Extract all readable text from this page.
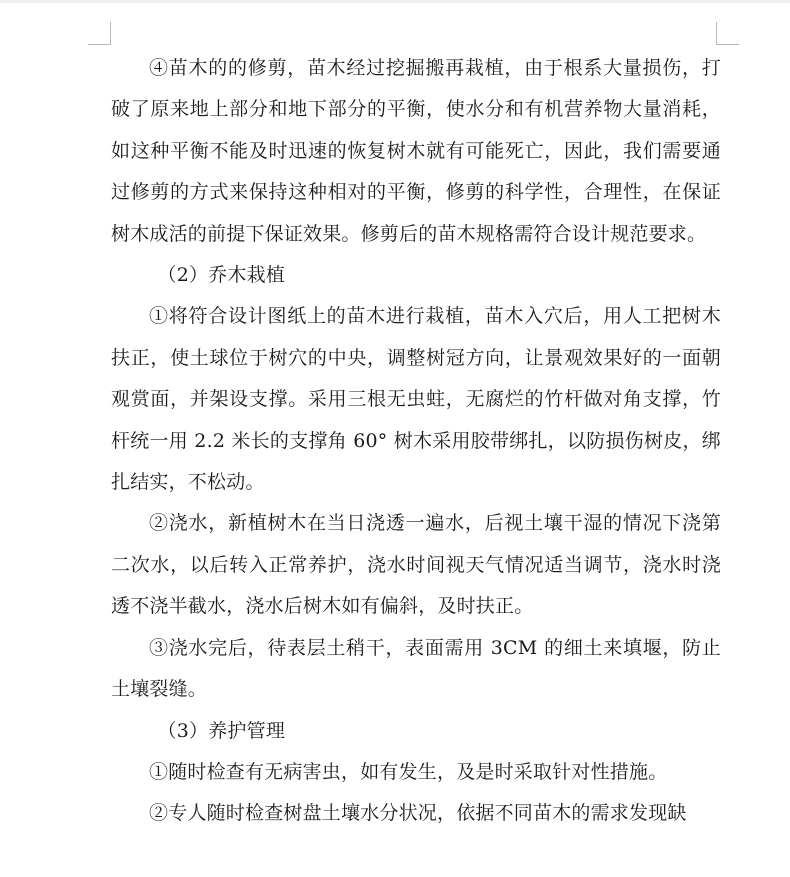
④苗木的的修剪，苗木经过挖掘搬再栽植，由于根系大量损伤，打破了原来地上部分和地下部分的平衡，使水分和有机营养物大量消耗，如这种平衡不能及时迅速的恢复树木就有可能死亡，因此，我们需要通过修剪的方式来保持这种相对的平衡，修剪的科学性，合理性，在保证树木成活的前提下保证效果。修剪后的苗木规格需符合设计规范要求。

（2）乔木栽植

①将符合设计图纸上的苗木进行栽植，苗木入穴后，用人工把树木扶正，使土球位于树穴的中央，调整树冠方向，让景观效果好的一面朝观赏面，并架设支撑。采用三根无虫蛀，无腐烂的竹杆做对角支撑，竹杆统一用 2.2 米长的支撑角 60° 树木采用胶带绑扎，以防损伤树皮，绑扎结实，不松动。

②浇水，新植树木在当日浇透一遍水，后视土壤干湿的情况下浇第二次水，以后转入正常养护，浇水时间视天气情况适当调节，浇水时浇透不浇半截水，浇水后树木如有偏斜，及时扶正。

③浇水完后，待表层土稍干，表面需用 3CM 的细土来填堰，防止土壤裂缝。

（3）养护管理

①随时检查有无病害虫，如有发生，及是时采取针对性措施。

②专人随时检查树盘土壤水分状况，依据不同苗木的需求发现缺
